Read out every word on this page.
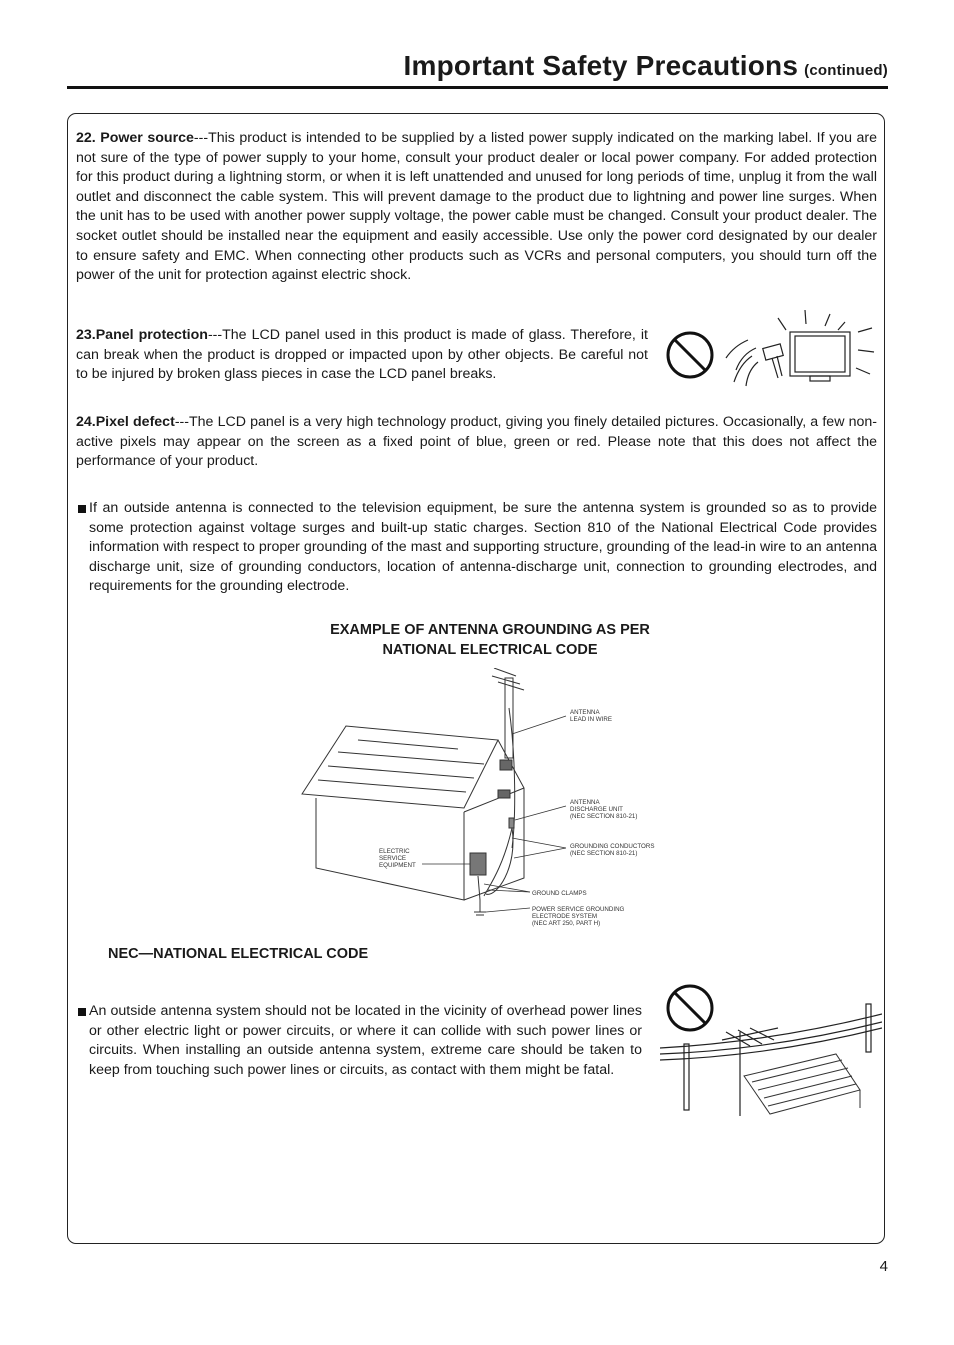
Important Safety Precautions (continued)

22. Power source---This product is intended to be supplied by a listed power supply indicated on the marking label. If you are not sure of the type of power supply to your home, consult your product dealer or local power company. For added protection for this product during a lightning storm, or when it is left unattended and unused for long periods of time, unplug it from the wall outlet and disconnect the cable system. This will prevent damage to the product due to lightning and power line surges. When the unit has to be used with another power supply voltage, the power cable must be changed. Consult your product dealer. The socket outlet should be installed near the equipment and easily accessible. Use only the power cord designated by our dealer to ensure safety and EMC. When connecting other products such as VCRs and personal computers, you should turn off the power of the unit for protection against electric shock.

23.Panel protection---The LCD panel used in this product is made of glass. Therefore, it can break when the product is dropped or impacted upon by other objects. Be careful not to be injured by broken glass pieces in case the LCD panel breaks.

24.Pixel defect---The LCD panel is a very high technology product, giving you finely detailed pictures. Occasionally, a few non-active pixels may appear on the screen as a fixed point of blue, green or red. Please note that this does not affect the performance of your product.

If an outside antenna is connected to the television equipment, be sure the antenna system is grounded so as to provide some protection against voltage surges and built-up static charges. Section 810 of the National Electrical Code provides information with respect to proper grounding of the mast and supporting structure, grounding of the lead-in wire to an antenna discharge unit, size of grounding conductors, location of antenna-discharge unit, connection to grounding electrodes, and requirements for the grounding electrode.

EXAMPLE OF ANTENNA GROUNDING AS PER
NATIONAL ELECTRICAL CODE
ANTENNA
LEAD IN WIRE
ANTENNA
DISCHARGE UNIT
(NEC SECTION 810-21)
GROUNDING CONDUCTORS
(NEC SECTION 810-21)
ELECTRIC
SERVICE
EQUIPMENT
GROUND CLAMPS
POWER SERVICE GROUNDING
ELECTRODE SYSTEM
(NEC ART 250, PART H)
NEC—NATIONAL ELECTRICAL CODE

An outside antenna system should not be located in the vicinity of overhead power lines or other electric light or power circuits, or where it can collide with such power lines or circuits. When installing an outside antenna system, extreme care should be taken to keep from touching such power lines or circuits, as contact with them might be fatal.

4
